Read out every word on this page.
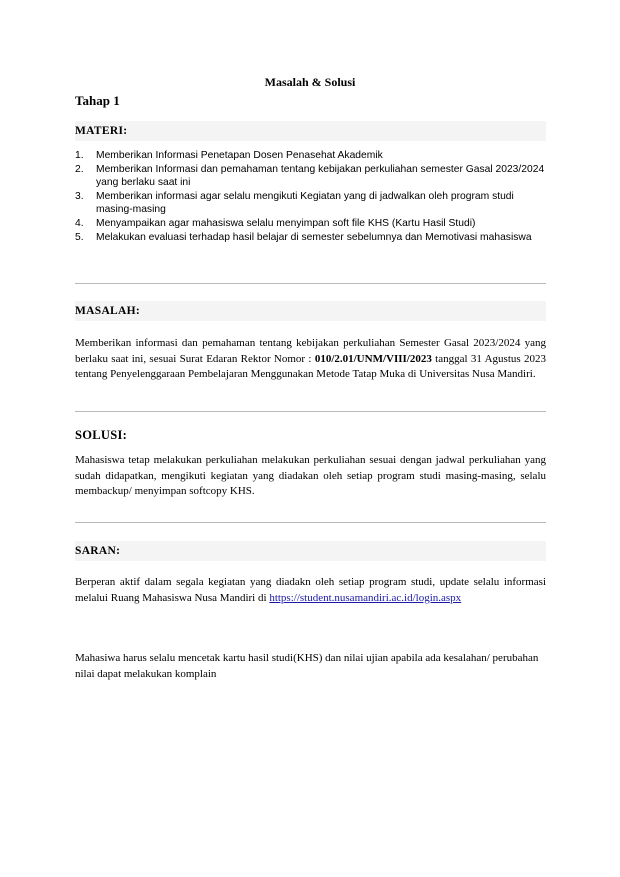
Masalah & Solusi
Tahap 1
MATERI:
1. Memberikan Informasi Penetapan Dosen Penasehat Akademik
2. Memberikan Informasi dan pemahaman tentang kebijakan perkuliahan semester Gasal 2023/2024 yang berlaku saat ini
3. Memberikan informasi agar selalu mengikuti Kegiatan yang di jadwalkan oleh program studi masing-masing
4. Menyampaikan agar mahasiswa selalu menyimpan soft file KHS (Kartu Hasil Studi)
5. Melakukan evaluasi terhadap hasil belajar di semester sebelumnya dan Memotivasi mahasiswa
MASALAH:
Memberikan informasi dan pemahaman tentang kebijakan perkuliahan Semester Gasal 2023/2024 yang berlaku saat ini, sesuai Surat Edaran Rektor Nomor : 010/2.01/UNM/VIII/2023 tanggal 31 Agustus 2023 tentang Penyelenggaraan Pembelajaran Menggunakan Metode Tatap Muka di Universitas Nusa Mandiri.
SOLUSI:
Mahasiswa tetap melakukan perkuliahan melakukan perkuliahan sesuai dengan jadwal perkuliahan yang sudah didapatkan, mengikuti kegiatan yang diadakan oleh setiap program studi masing-masing, selalu membackup/ menyimpan softcopy KHS.
SARAN:
Berperan aktif dalam segala kegiatan yang diadakn oleh setiap program studi, update selalu informasi melalui Ruang Mahasiswa Nusa Mandiri di https://student.nusamandiri.ac.id/login.aspx
Mahasiwa harus selalu mencetak kartu hasil studi(KHS) dan nilai ujian apabila ada kesalahan/ perubahan nilai dapat melakukan komplain
